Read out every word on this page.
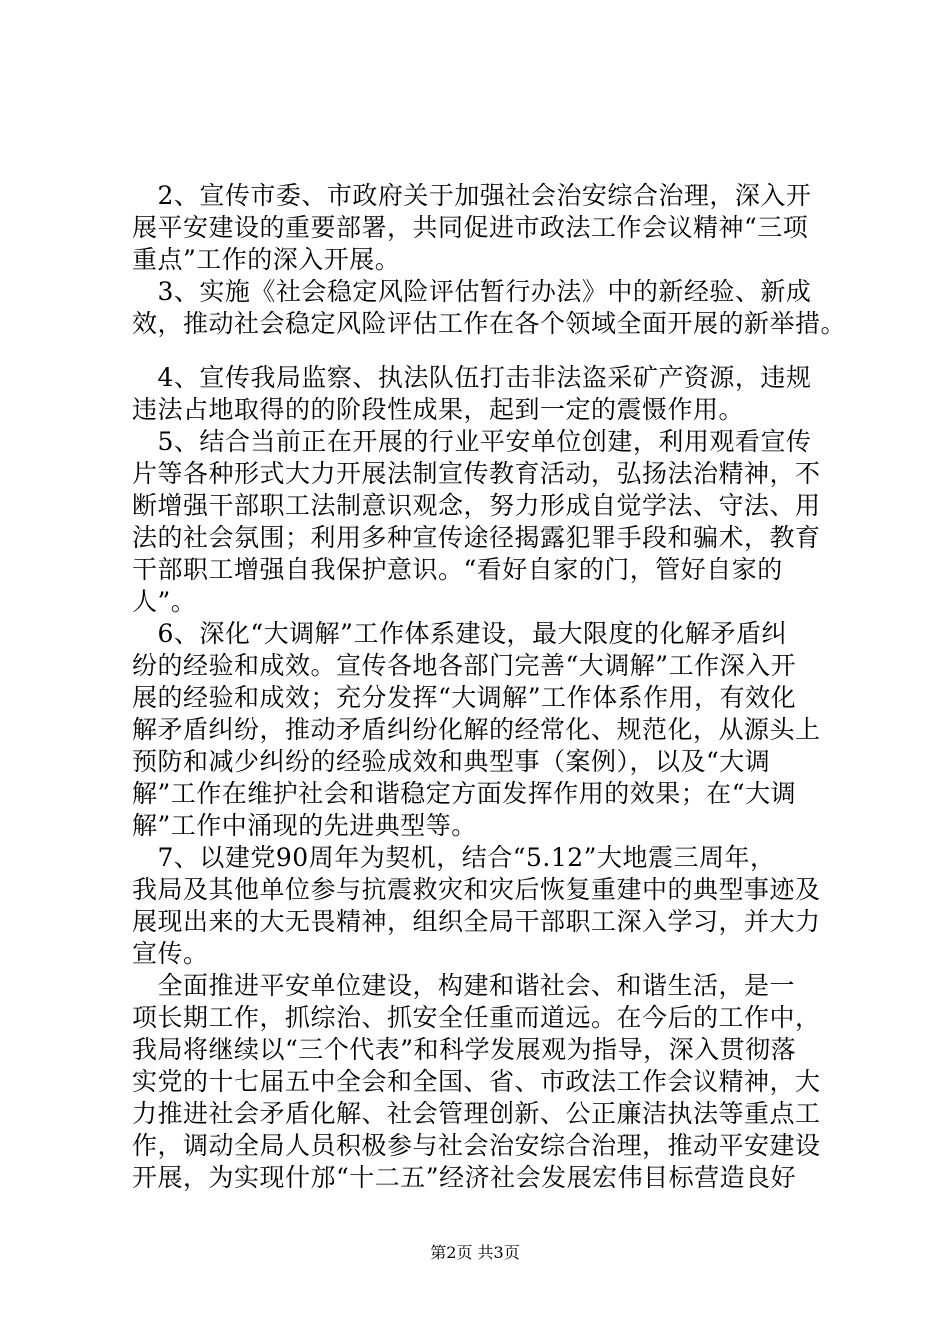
　2、宣传市委、市政府关于加强社会治安综合治理，深入开
展平安建设的重要部署，共同促进市政法工作会议精神“三项
重点”工作的深入开展。
　3、实施《社会稳定风险评估暂行办法》中的新经验、新成
效，推动社会稳定风险评估工作在各个领域全面开展的新举措。
　4、宣传我局监察、执法队伍打击非法盗采矿产资源，违规
违法占地取得的的阶段性成果，起到一定的震慑作用。
　5、结合当前正在开展的行业平安单位创建，利用观看宣传
片等各种形式大力开展法制宣传教育活动，弘扬法治精神，不
断增强干部职工法制意识观念，努力形成自觉学法、守法、用
法的社会氛围；利用多种宣传途径揭露犯罪手段和骗术，教育
干部职工增强自我保护意识。“看好自家的门，管好自家的
人”。
　6、深化“大调解”工作体系建设，最大限度的化解矛盾纠
纷的经验和成效。宣传各地各部门完善“大调解”工作深入开
展的经验和成效；充分发挥“大调解”工作体系作用，有效化
解矛盾纠纷，推动矛盾纠纷化解的经常化、规范化，从源头上
预防和减少纠纷的经验成效和典型事（案例），以及“大调
解”工作在维护社会和谐稳定方面发挥作用的效果；在“大调
解”工作中涌现的先进典型等。
　7、以建党90周年为契机，结合“5.12”大地震三周年，
我局及其他单位参与抗震救灾和灾后恢复重建中的典型事迹及
展现出来的大无畏精神，组织全局干部职工深入学习，并大力
宣传。
　全面推进平安单位建设，构建和谐社会、和谐生活，是一
项长期工作，抓综治、抓安全任重而道远。在今后的工作中，
我局将继续以“三个代表”和科学发展观为指导，深入贯彻落
实党的十七届五中全会和全国、省、市政法工作会议精神，大
力推进社会矛盾化解、社会管理创新、公正廉洁执法等重点工
作，调动全局人员积极参与社会治安综合治理，推动平安建设
开展，为实现什邡“十二五”经济社会发展宏伟目标营造良好
第2页 共3页
